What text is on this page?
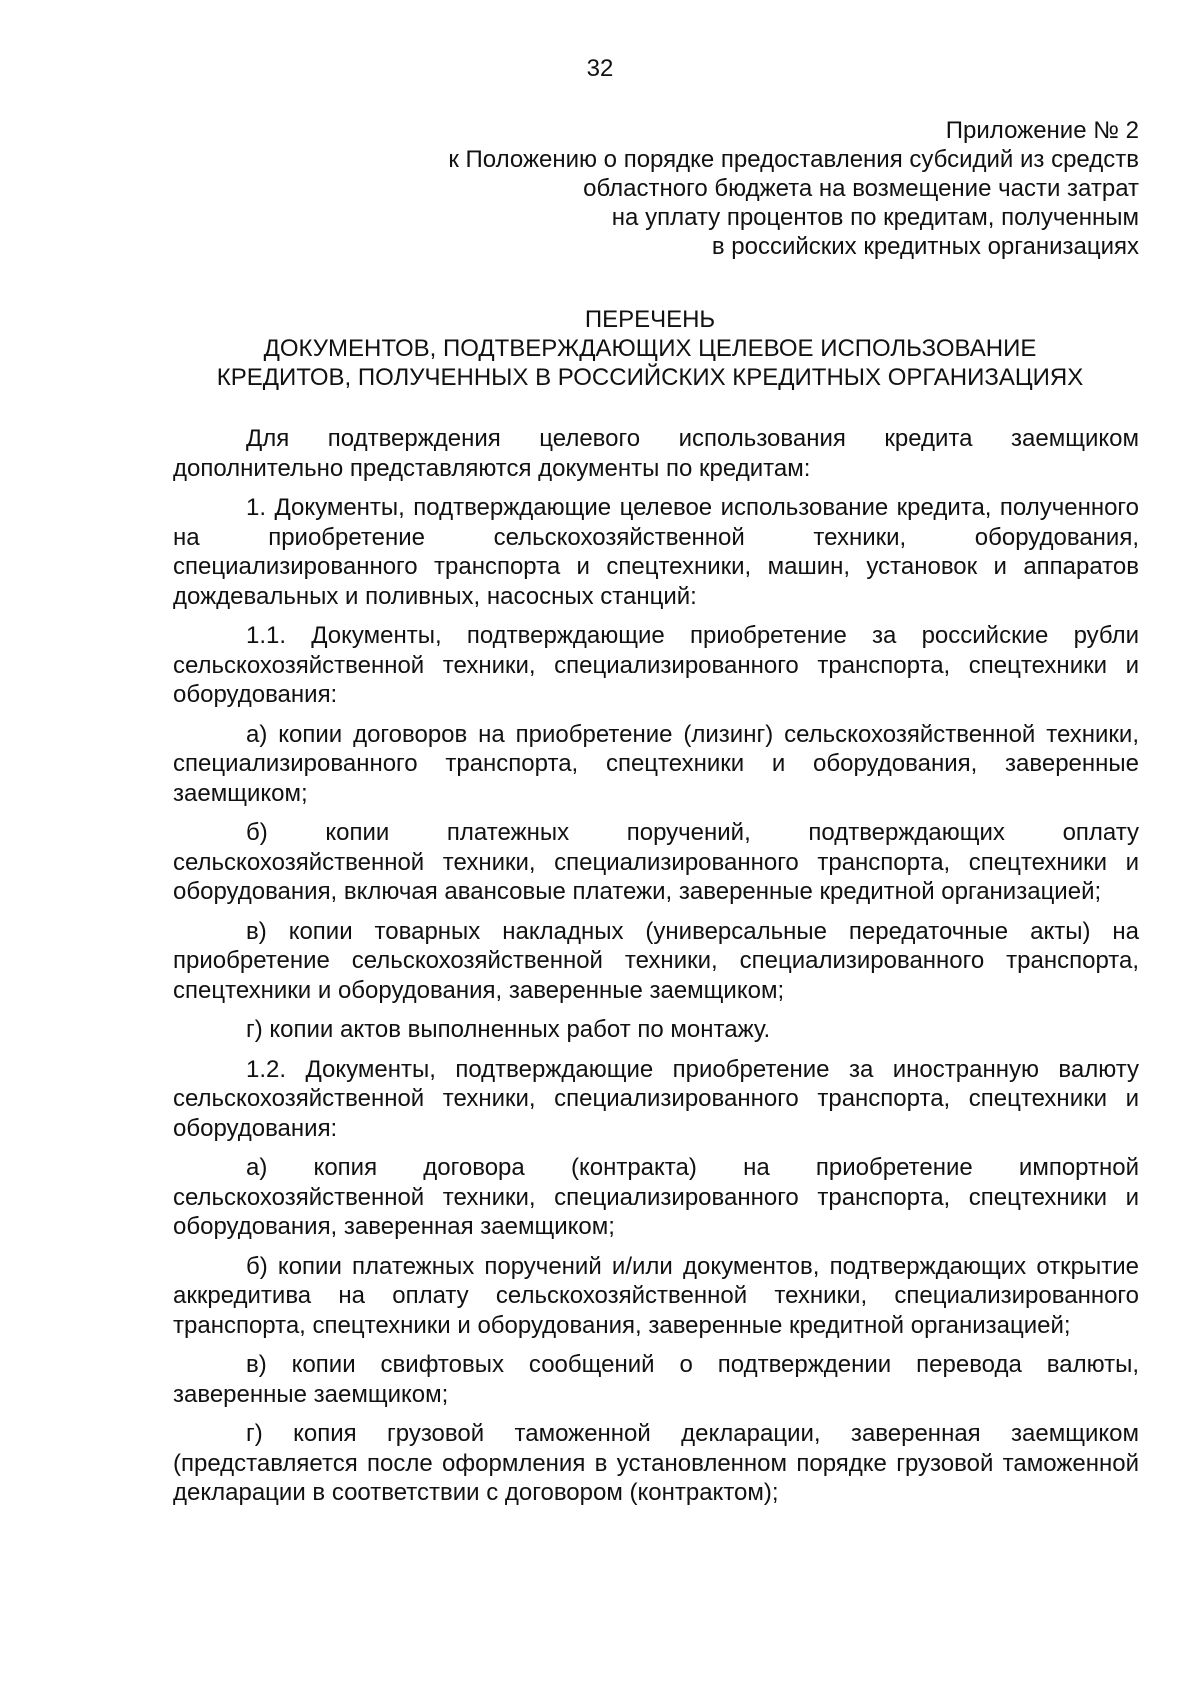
32
Приложение № 2
к Положению о порядке предоставления субсидий из средств
областного бюджета на возмещение части затрат
на уплату процентов по кредитам, полученным
в российских кредитных организациях
ПЕРЕЧЕНЬ
ДОКУМЕНТОВ, ПОДТВЕРЖДАЮЩИХ ЦЕЛЕВОЕ ИСПОЛЬЗОВАНИЕ
КРЕДИТОВ, ПОЛУЧЕННЫХ В РОССИЙСКИХ КРЕДИТНЫХ ОРГАНИЗАЦИЯХ

Для подтверждения целевого использования кредита заемщиком дополнительно представляются документы по кредитам:

1. Документы, подтверждающие целевое использование кредита, полученного на приобретение сельскохозяйственной техники, оборудования, специализированного транспорта и спецтехники, машин, установок и аппаратов дождевальных и поливных, насосных станций:

1.1. Документы, подтверждающие приобретение за российские рубли сельскохозяйственной техники, специализированного транспорта, спецтехники и оборудования:

а) копии договоров на приобретение (лизинг) сельскохозяйственной техники, специализированного транспорта, спецтехники и оборудования, заверенные заемщиком;

б) копии платежных поручений, подтверждающих оплату сельскохозяйственной техники, специализированного транспорта, спецтехники и оборудования, включая авансовые платежи, заверенные кредитной организацией;

в) копии товарных накладных (универсальные передаточные акты) на приобретение сельскохозяйственной техники, специализированного транспорта, спецтехники и оборудования, заверенные заемщиком;

г) копии актов выполненных работ по монтажу.

1.2. Документы, подтверждающие приобретение за иностранную валюту сельскохозяйственной техники, специализированного транспорта, спецтехники и оборудования:

а) копия договора (контракта) на приобретение импортной сельскохозяйственной техники, специализированного транспорта, спецтехники и оборудования, заверенная заемщиком;

б) копии платежных поручений и/или документов, подтверждающих открытие аккредитива на оплату сельскохозяйственной техники, специализированного транспорта, спецтехники и оборудования, заверенные кредитной организацией;

в) копии свифтовых сообщений о подтверждении перевода валюты, заверенные заемщиком;

г) копия грузовой таможенной декларации, заверенная заемщиком (представляется после оформления в установленном порядке грузовой таможенной декларации в соответствии с договором (контрактом);
